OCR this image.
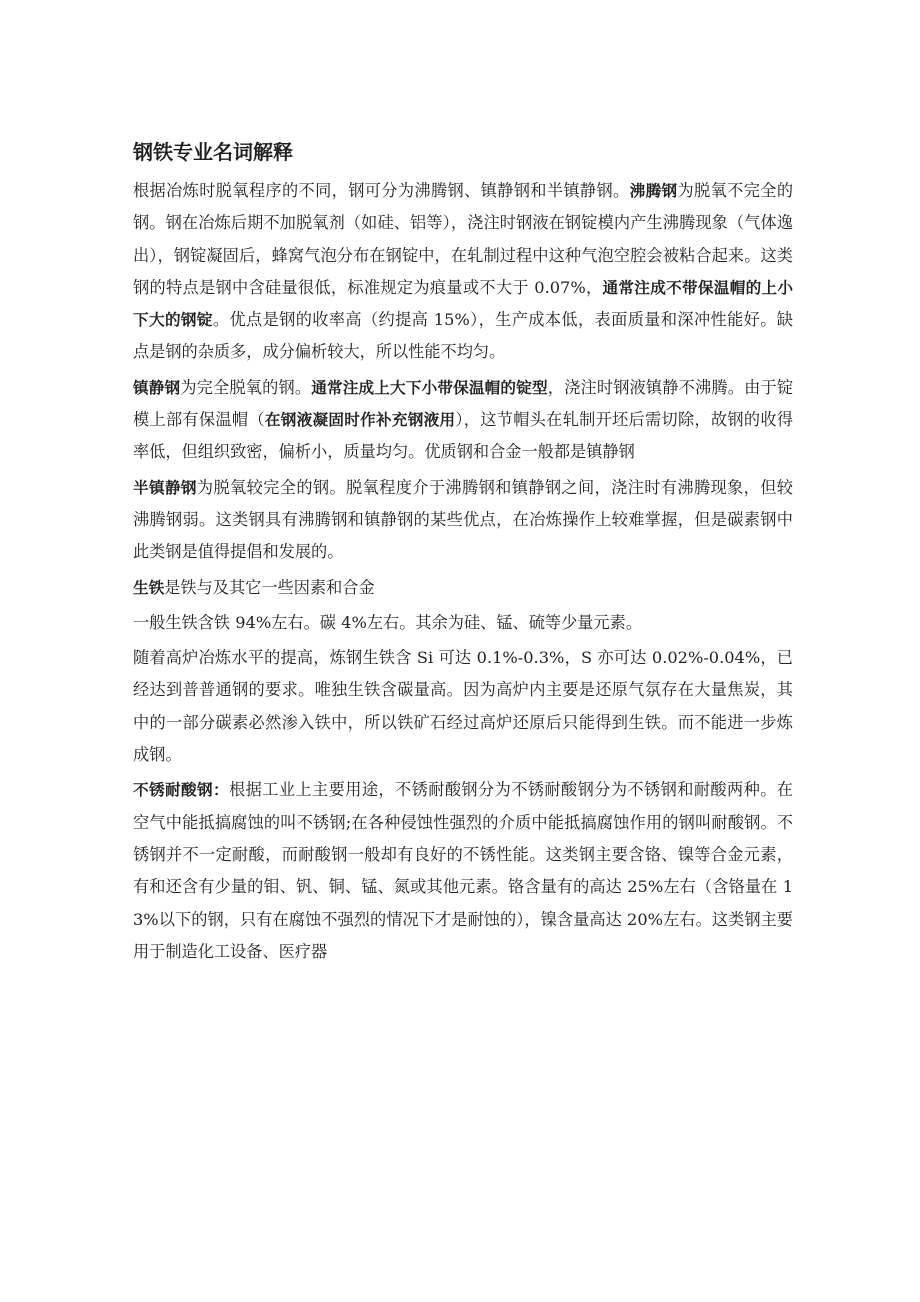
钢铁专业名词解释

根据冶炼时脱氧程序的不同，钢可分为沸腾钢、镇静钢和半镇静钢。沸腾钢为脱氧不完全的钢。钢在冶炼后期不加脱氧剂（如硅、铝等），浇注时钢液在钢锭模内产生沸腾现象（气体逸出），钢锭凝固后，蜂窝气泡分布在钢锭中，在轧制过程中这种气泡空腔会被粘合起来。这类钢的特点是钢中含硅量很低，标准规定为痕量或不大于 0.07%，通常注成不带保温帽的上小下大的钢锭。优点是钢的收率高（约提高 15%），生产成本低，表面质量和深冲性能好。缺点是钢的杂质多，成分偏析较大，所以性能不均匀。

镇静钢为完全脱氧的钢。通常注成上大下小带保温帽的锭型，浇注时钢液镇静不沸腾。由于锭模上部有保温帽（在钢液凝固时作补充钢液用），这节帽头在轧制开坯后需切除，故钢的收得率低，但组织致密，偏析小，质量均匀。优质钢和合金一般都是镇静钢

半镇静钢为脱氧较完全的钢。脱氧程度介于沸腾钢和镇静钢之间，浇注时有沸腾现象，但较沸腾钢弱。这类钢具有沸腾钢和镇静钢的某些优点，在冶炼操作上较难掌握，但是碳素钢中此类钢是值得提倡和发展的。

生铁是铁与及其它一些因素和合金

一般生铁含铁 94%左右。碳 4%左右。其余为硅、锰、硫等少量元素。

随着高炉冶炼水平的提高，炼钢生铁含 Si 可达 0.1%-0.3%，S 亦可达 0.02%-0.04%，已经达到普普通钢的要求。唯独生铁含碳量高。因为高炉内主要是还原气氛存在大量焦炭，其中的一部分碳素必然渗入铁中，所以铁矿石经过高炉还原后只能得到生铁。而不能进一步炼成钢。

不锈耐酸钢：根据工业上主要用途，不锈耐酸钢分为不锈耐酸钢分为不锈钢和耐酸两种。在空气中能抵搞腐蚀的叫不锈钢;在各种侵蚀性强烈的介质中能抵搞腐蚀作用的钢叫耐酸钢。不锈钢并不一定耐酸，而耐酸钢一般却有良好的不锈性能。这类钢主要含铬、镍等合金元素，有和还含有少量的钼、钒、铜、锰、氮或其他元素。铬含量有的高达 25%左右（含铬量在 13%以下的钢，只有在腐蚀不强烈的情况下才是耐蚀的），镍含量高达 20%左右。这类钢主要用于制造化工设备、医疗器
